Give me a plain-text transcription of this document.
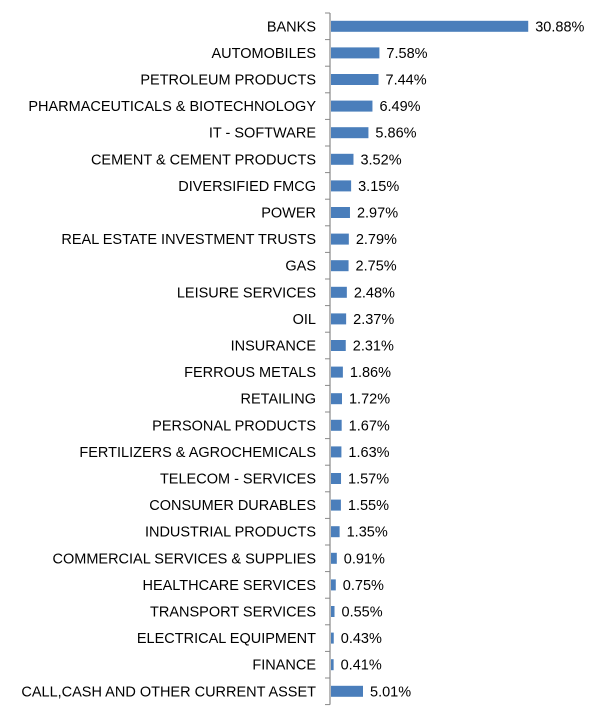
BANKS
AUTOMOBILES
PETROLEUM PRODUCTS
PHARMACEUTICALS & BIOTECHNOLOGY
IT - SOFTWARE
CEMENT & CEMENT PRODUCTS
DIVERSIFIED FMCG
POWER
REAL ESTATE INVESTMENT TRUSTS
GAS
LEISURE SERVICES
OIL
INSURANCE
FERROUS METALS
RETAILING
PERSONAL PRODUCTS
FERTILIZERS & AGROCHEMICALS
TELECOM - SERVICES
CONSUMER DURABLES
INDUSTRIAL PRODUCTS
COMMERCIAL SERVICES & SUPPLIES
HEALTHCARE SERVICES
TRANSPORT SERVICES
ELECTRICAL EQUIPMENT
FINANCE
CALL,CASH AND OTHER CURRENT ASSET
30.88%
7.58%
7.44%
6.49%
5.86%
3.52%
3.15%
2.97%
2.79%
2.75%
2.48%
2.37%
2.31%
1.86%
1.72%
1.67%
1.63%
1.57%
1.55%
1.35%
0.91%
0.75%
0.55%
0.43%
0.41%
5.01%
